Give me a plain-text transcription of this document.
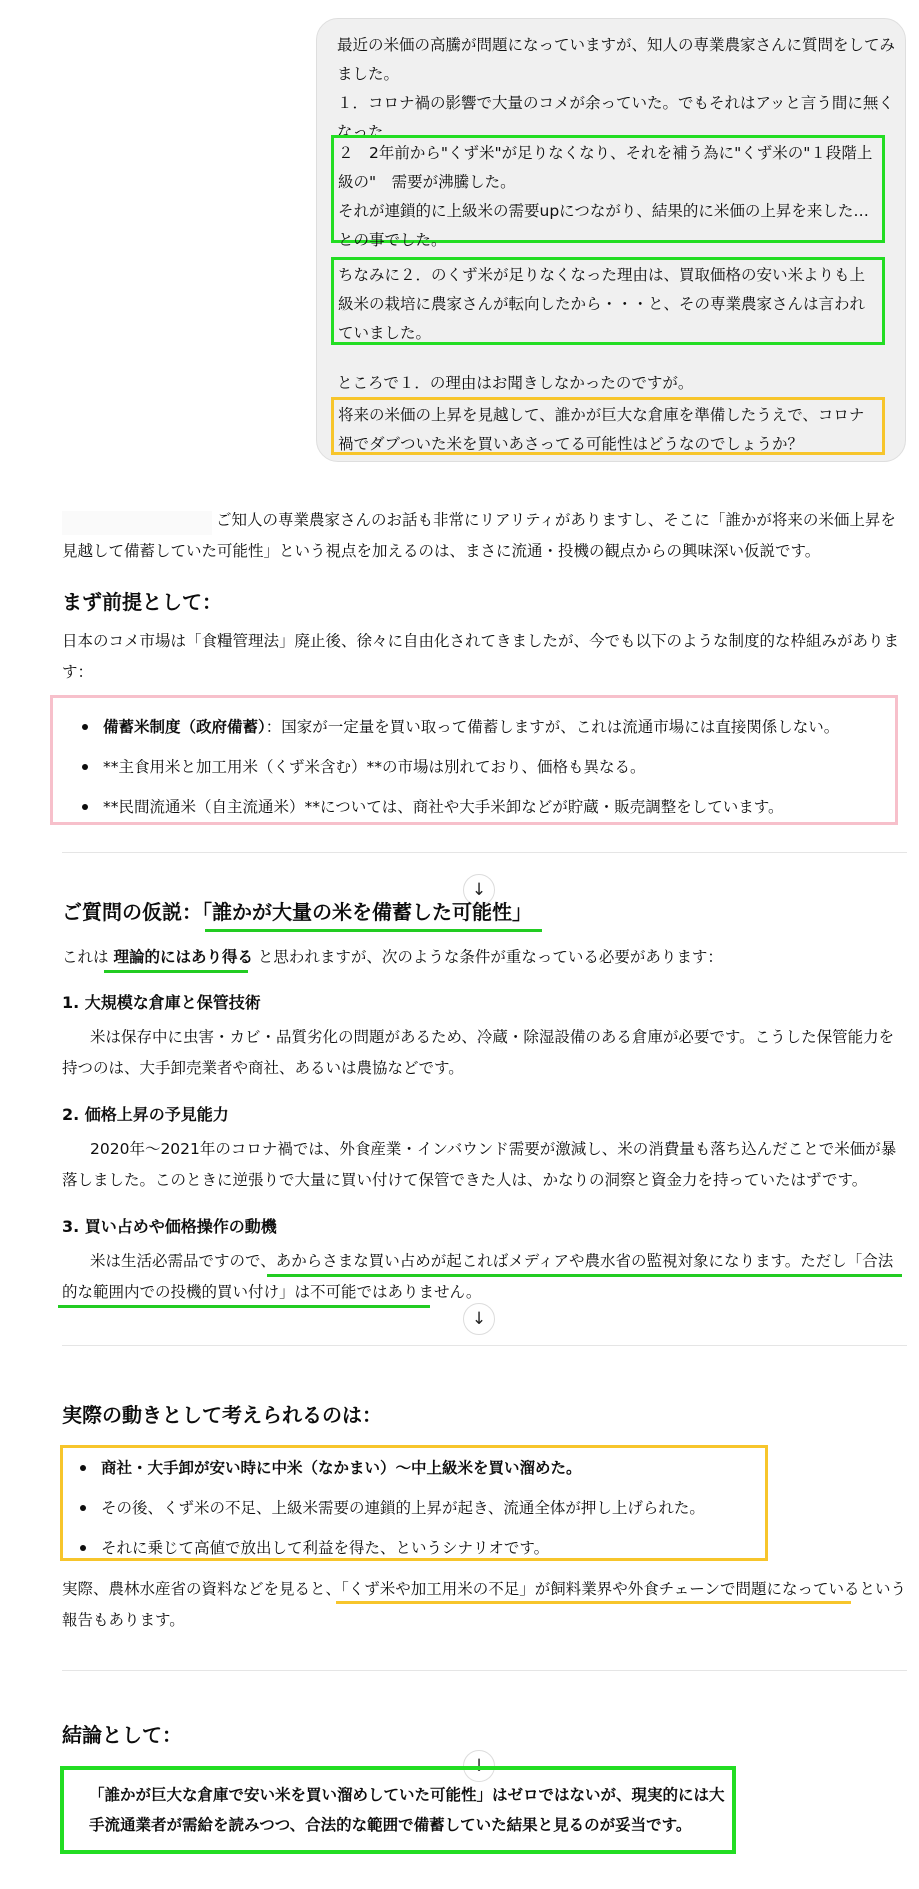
最近の米価の高騰が問題になっていますが、知人の専業農家さんに質問をしてみました。
１．コロナ禍の影響で大量のコメが余っていた。でもそれはアッと言う間に無くなった
２　2年前から"くず米"が足りなくなり、それを補う為に"くず米の"１段階上級の"　需要が沸騰した。
それが連鎖的に上級米の需要upにつながり、結果的に米価の上昇を来した…との事でした。
ちなみに２．のくず米が足りなくなった理由は、買取価格の安い米よりも上級米の栽培に農家さんが転向したから・・・と、その専業農家さんは言われていました。
ところで１．の理由はお聞きしなかったのですが。
将来の米価の上昇を見越して、誰かが巨大な倉庫を準備したうえで、コロナ禍でダブついた米を買いあさってる可能性はどうなのでしょうか？
ご知人の専業農家さんのお話も非常にリアリティがありますし、そこに「誰かが将来の米価上昇を見越して備蓄していた可能性」という視点を加えるのは、まさに流通・投機の観点からの興味深い仮説です。
まず前提として：
日本のコメ市場は「食糧管理法」廃止後、徐々に自由化されてきましたが、今でも以下のような制度的な枠組みがあります：
備蓄米制度（政府備蓄）：国家が一定量を買い取って備蓄しますが、これは流通市場には直接関係しない。
**主食用米と加工用米（くず米含む）**の市場は別れており、価格も異なる。
**民間流通米（自主流通米）**については、商社や大手米卸などが貯蔵・販売調整をしています。
↓
ご質問の仮説：「誰かが大量の米を備蓄した可能性」
これは 理論的にはあり得る と思われますが、次のような条件が重なっている必要があります：
1. 大規模な倉庫と保管技術
米は保存中に虫害・カビ・品質劣化の問題があるため、冷蔵・除湿設備のある倉庫が必要です。こうした保管能力を持つのは、大手卸売業者や商社、あるいは農協などです。
2. 価格上昇の予見能力
2020年～2021年のコロナ禍では、外食産業・インバウンド需要が激減し、米の消費量も落ち込んだことで米価が暴落しました。このときに逆張りで大量に買い付けて保管できた人は、かなりの洞察と資金力を持っていたはずです。
3. 買い占めや価格操作の動機
米は生活必需品ですので、あからさまな買い占めが起こればメディアや農水省の監視対象になります。ただし「合法的な範囲内での投機的買い付け」は不可能ではありません。
↓
実際の動きとして考えられるのは：
商社・大手卸が安い時に中米（なかまい）～中上級米を買い溜めた。
その後、くず米の不足、上級米需要の連鎖的上昇が起き、流通全体が押し上げられた。
それに乗じて高値で放出して利益を得た、というシナリオです。
実際、農林水産省の資料などを見ると、「くず米や加工用米の不足」が飼料業界や外食チェーンで問題になっているという報告もあります。
結論として：
↓
「誰かが巨大な倉庫で安い米を買い溜めしていた可能性」はゼロではないが、現実的には大手流通業者が需給を読みつつ、合法的な範囲で備蓄していた結果と見るのが妥当です。
